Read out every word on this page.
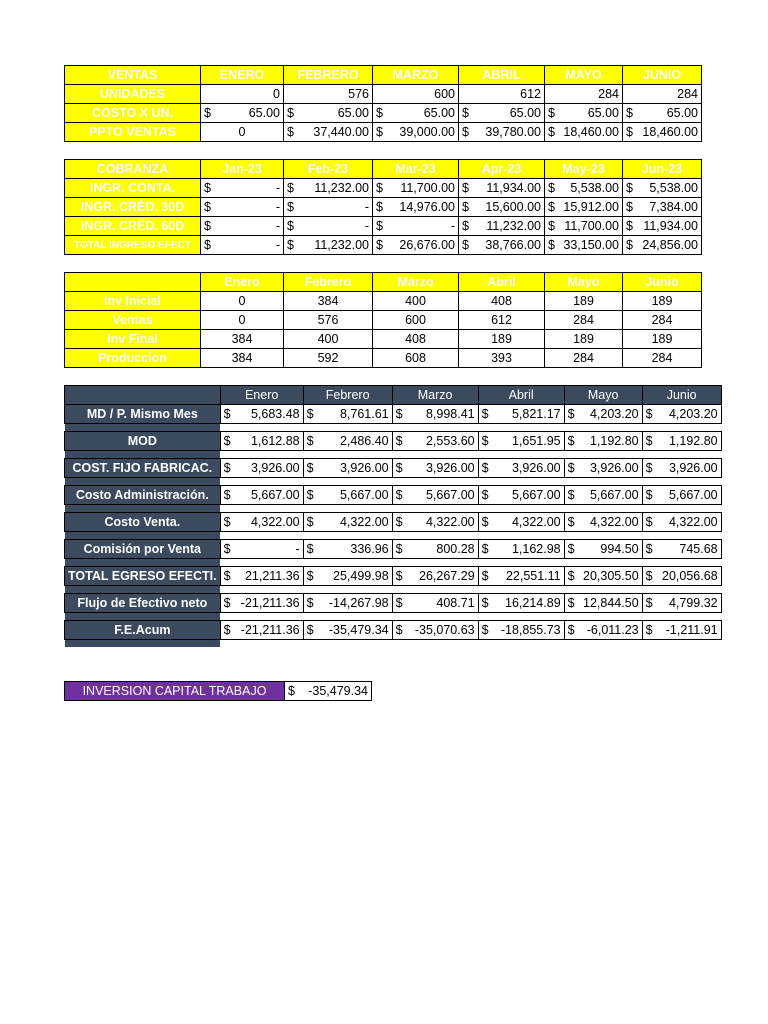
VENTAS	ENERO	FEBRERO	MARZO	ABRIL	MAYO	JUNIO
UNIDADES	0	576	600	612	284	284
COSTO X UN.	$ 65.00	$ 65.00	$ 65.00	$ 65.00	$ 65.00	$ 65.00

PPTO VENTAS	0	$ 37,440.00	$ 39,000.00	$ 39,780.00	$ 18,460.00	$ 18,460.00
COBRANZA	Jan-23	Feb-23	Mar-23	Apr-23	May-23	Jun-23
INGR. CONTA.	$ -	$ 11,232.00	$ 11,700.00	$ 11,934.00	$ 5,538.00	$ 5,538.00

INGR. CRÉD. 30D	$ -	$ -	$ 14,976.00	$ 15,600.00	$ 15,912.00	$ 7,384.00

INGR. CRÉD. 60D	$ -	$ -	$ -	$ 11,232.00	$ 11,700.00	$ 11,934.00

TOTAL INGRESO EFECT	$ -	$ 11,232.00	$ 26,676.00	$ 38,766.00	$ 33,150.00	$ 24,856.00
	Enero	Febrero	Marzo	Abril	Mayo	Junio
Inv Inicial	0	384	400	408	189	189
Ventas	0	576	600	612	284	284
Inv Final	384	400	408	189	189	189
Producción	384	592	608	393	284	284
	Enero	Febrero	Marzo	Abril	Mayo	Junio
MD / P. Mismo Mes	$ 5,683.48	$ 8,761.61	$ 8,998.41	$ 5,821.17	$ 4,203.20	$ 4,203.20

MOD	$ 1,612.88	$ 2,486.40	$ 2,553.60	$ 1,651.95	$ 1,192.80	$ 1,192.80

COST. FIJO FABRICAC.	$ 3,926.00	$ 3,926.00	$ 3,926.00	$ 3,926.00	$ 3,926.00	$ 3,926.00

Costo Administración.	$ 5,667.00	$ 5,667.00	$ 5,667.00	$ 5,667.00	$ 5,667.00	$ 5,667.00

Costo Venta.	$ 4,322.00	$ 4,322.00	$ 4,322.00	$ 4,322.00	$ 4,322.00	$ 4,322.00

Comisión por Venta	$ -	$ 336.96	$ 800.28	$ 1,162.98	$ 994.50	$ 745.68

TOTAL EGRESO EFECTI.	$ 21,211.36	$ 25,499.98	$ 26,267.29	$ 22,551.11	$ 20,305.50	$ 20,056.68

Flujo de Efectivo neto	$ -21,211.36	$ -14,267.98	$ 408.71	$ 16,214.89	$ 12,844.50	$ 4,799.32

F.E.Acum	$ -21,211.36	$ -35,479.34	$ -35,070.63	$ -18,855.73	$ -6,011.23	$ -1,211.91

INVERSION CAPITAL TRABAJO	$ -35,479.34
